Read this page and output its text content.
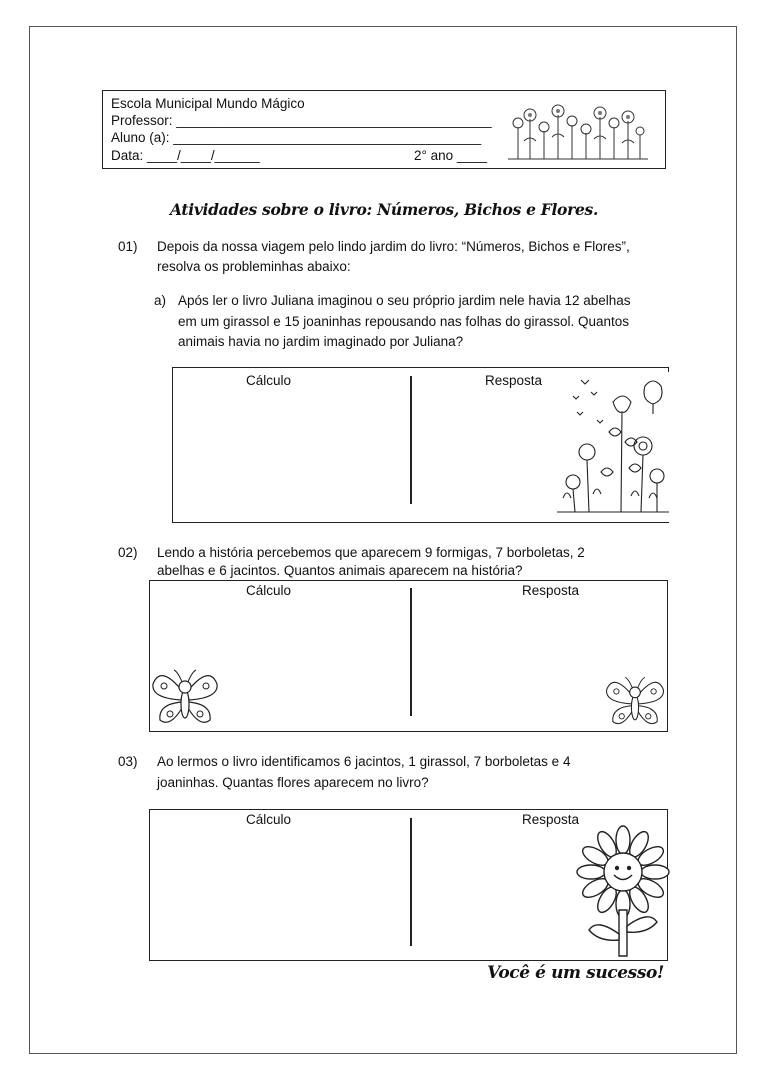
Escola Municipal Mundo Mágico
Professor: __________________________________________
Aluno (a): _________________________________________
Data: ____/____/______	2° ano ____
Atividades sobre o livro: Números, Bichos e Flores.
01) Depois da nossa viagem pelo lindo jardim do livro: “Números, Bichos e Flores”,
resolva os probleminhas abaixo:
a) Após ler o livro Juliana imaginou o seu próprio jardim nele havia 12 abelhas
em um girassol e 15 joaninhas repousando nas folhas do girassol. Quantos
animais havia no jardim imaginado por Juliana?
Cálculo	Resposta
02) Lendo a história percebemos que aparecem 9 formigas, 7 borboletas, 2
abelhas e 6 jacintos. Quantos animais aparecem na história?
Cálculo	Resposta
03) Ao lermos o livro identificamos 6 jacintos, 1 girassol, 7 borboletas e 4
joaninhas. Quantas flores aparecem no livro?
Cálculo	Resposta
Você é um sucesso!
